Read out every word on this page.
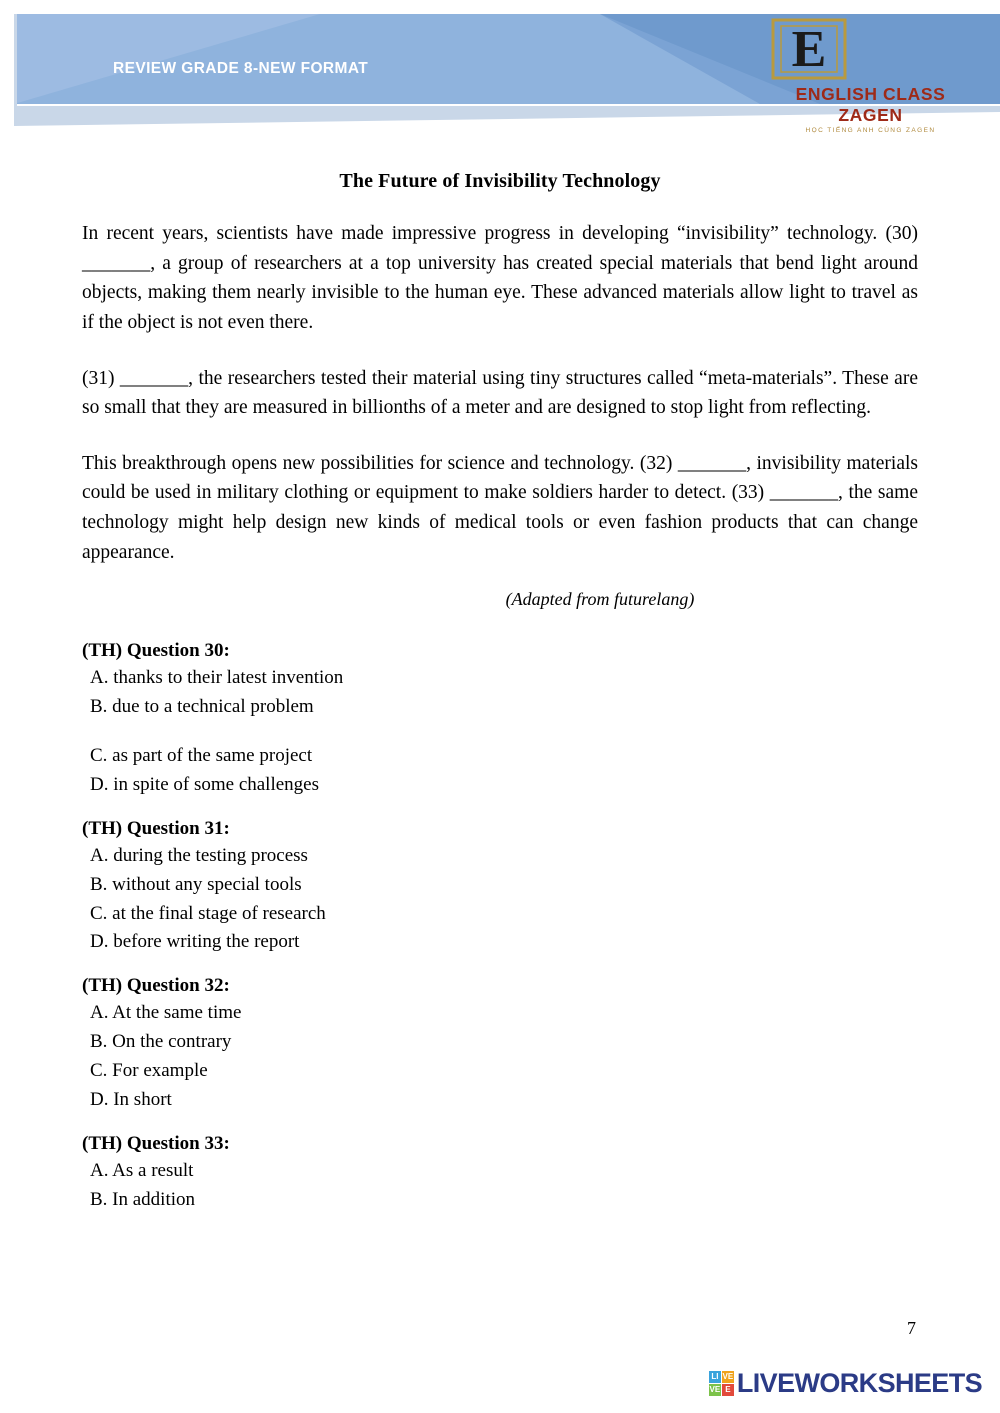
REVIEW GRADE 8-NEW FORMAT	E
ENGLISH CLASS ZAGEN
HỌC TIẾNG ANH CÙNG ZAGEN
The Future of Invisibility Technology

In recent years, scientists have made impressive progress in developing “invisibility” technology. (30) _______, a group of researchers at a top university has created special materials that bend light around objects, making them nearly invisible to the human eye. These advanced materials allow light to travel as if the object is not even there.

(31) _______, the researchers tested their material using tiny structures called “meta-materials”. These are so small that they are measured in billionths of a meter and are designed to stop light from reflecting.

This breakthrough opens new possibilities for science and technology. (32) _______, invisibility materials could be used in military clothing or equipment to make soldiers harder to detect. (33) _______, the same technology might help design new kinds of medical tools or even fashion products that can change appearance.

(Adapted from futurelang)
(TH) Question 30:
A. thanks to their latest invention
B. due to a technical problem
C. as part of the same project
D. in spite of some challenges
(TH) Question 31:
A. during the testing process
B. without any special tools
C. at the final stage of research
D. before writing the report
(TH) Question 32:
A. At the same time
B. On the contrary
C. For example
D. In short
(TH) Question 33:
A. As a result
B. In addition
7
LI VE
VE E LIVEWORKSHEETS
